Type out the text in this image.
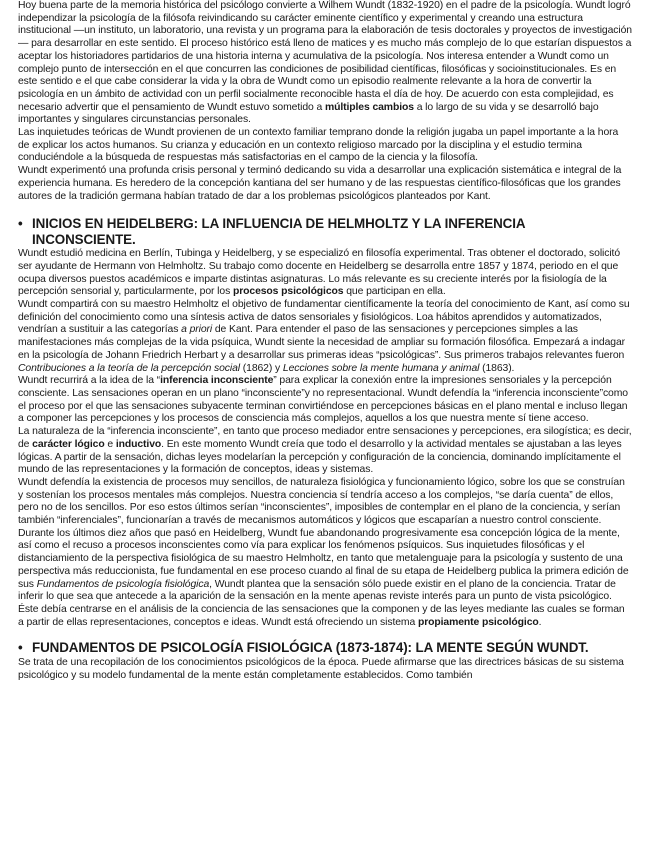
Hoy buena parte de la memoria histórica del psicólogo convierte a Wilhem Wundt (1832-1920) en el padre de la psicología. Wundt logró independizar la psicología de la filósofa reivindicando su carácter eminente científico y experimental y creando una estructura institucional —un instituto, un laboratorio, una revista y un programa para la elaboración de tesis doctorales y proyectos de investigación— para desarrollar en este sentido. El proceso histórico está lleno de matices y es mucho más complejo de lo que estarían dispuestos a aceptar los historiadores partidarios de una historia interna y acumulativa de la psicología. Nos interesa entender a Wundt como un complejo punto de intersección en el que concurren las condiciones de posibilidad científicas, filosóficas y socioinstitucionales. Es en este sentido e el que cabe considerar la vida y la obra de Wundt como un episodio realmente relevante a la hora de convertir la psicología en un ámbito de actividad con un perfil socialmente reconocible hasta el día de hoy. De acuerdo con esta complejidad, es necesario advertir que el pensamiento de Wundt estuvo sometido a múltiples cambios a lo largo de su vida y se desarrolló bajo importantes y singulares circunstancias personales.

Las inquietudes teóricas de Wundt provienen de un contexto familiar temprano donde la religión jugaba un papel importante a la hora de explicar los actos humanos. Su crianza y educación en un contexto religioso marcado por la disciplina y el estudio termina conduciéndole a la búsqueda de respuestas más satisfactorias en el campo de la ciencia y la filosofía.

Wundt experimentó una profunda crisis personal y terminó dedicando su vida a desarrollar una explicación sistemática e integral de la experiencia humana. Es heredero de la concepción kantiana del ser humano y de las respuestas científico-filosóficas que los grandes autores de la tradición germana habían tratado de dar a los problemas psicológicos planteados por Kant.

• INICIOS EN HEIDELBERG: LA INFLUENCIA DE HELMHOLTZ Y LA INFERENCIA INCONSCIENTE.

Wundt estudió medicina en Berlín, Tubinga y Heidelberg, y se especializó en filosofía experimental. Tras obtener el doctorado, solicitó ser ayudante de Hermann von Helmholtz. Su trabajo como docente en Heidelberg se desarrolla entre 1857 y 1874, periodo en el que ocupa diversos puestos académicos e imparte distintas asignaturas. Lo más relevante es su creciente interés por la fisiología de la percepción sensorial y, particularmente, por los procesos psicológicos que participan en ella.

Wundt compartirá con su maestro Helmholtz el objetivo de fundamentar científicamente la teoría del conocimiento de Kant, así como su definición del conocimiento como una síntesis activa de datos sensoriales y fisiológicos. Loa hábitos aprendidos y automatizados, vendrían a sustituir a las categorías a priori de Kant. Para entender el paso de las sensaciones y percepciones simples a las manifestaciones más complejas de la vida psíquica, Wundt siente la necesidad de ampliar su formación filosófica. Empezará a indagar en la psicología de Johann Friedrich Herbart y a desarrollar sus primeras ideas “psicológicas”. Sus primeros trabajos relevantes fueron Contribuciones a la teoría de la percepción social (1862) y Lecciones sobre la mente humana y animal (1863).

Wundt recurrirá a la idea de la “inferencia inconsciente” para explicar la conexión entre la impresiones sensoriales y la percepción consciente. Las sensaciones operan en un plano “inconsciente”y no representacional. Wundt defendía la “inferencia inconsciente”como el proceso por el que las sensaciones subyacente terminan convirtiéndose en percepciones básicas en el plano mental e incluso llegan a componer las percepciones y los procesos de consciencia más complejos, aquellos a los que nuestra mente sí tiene acceso.

La naturaleza de la “inferencia inconsciente”, en tanto que proceso mediador entre sensaciones y percepciones, era silogística; es decir, de carácter lógico e inductivo. En este momento Wundt creía que todo el desarrollo y la actividad mentales se ajustaban a las leyes lógicas. A partir de la sensación, dichas leyes modelarían la percepción y configuración de la conciencia, dominando implícitamente el mundo de las representaciones y la formación de conceptos, ideas y sistemas.

Wundt defendía la existencia de procesos muy sencillos, de naturaleza fisiológica y funcionamiento lógico, sobre los que se construían y sostenían los procesos mentales más complejos. Nuestra conciencia sí tendría acceso a los complejos, “se daría cuenta” de ellos, pero no de los sencillos. Por eso estos últimos serían “inconscientes”, imposibles de contemplar en el plano de la conciencia, y serían también “inferenciales”, funcionarían a través de mecanismos automáticos y lógicos que escaparían a nuestro control consciente.

Durante los últimos diez años que pasó en Heidelberg, Wundt fue abandonando progresivamente esa concepción lógica de la mente, así como el recuso a procesos inconscientes como vía para explicar los fenómenos psíquicos. Sus inquietudes filosóficas y el distanciamiento de la perspectiva fisiológica de su maestro Helmholtz, en tanto que metalenguaje para la psicología y sustento de una perspectiva más reduccionista, fue fundamental en ese proceso cuando al final de su etapa de Heidelberg publica la primera edición de sus Fundamentos de psicología fisiológica, Wundt plantea que la sensación sólo puede existir en el plano de la conciencia. Tratar de inferir lo que sea que antecede a la aparición de la sensación en la mente apenas reviste interés para un punto de vista psicológico. Éste debía centrarse en el análisis de la conciencia de las sensaciones que la componen y de las leyes mediante las cuales se forman a partir de ellas representaciones, conceptos e ideas. Wundt está ofreciendo un sistema propiamente psicológico.

• FUNDAMENTOS DE PSICOLOGÍA FISIOLÓGICA (1873-1874): LA MENTE SEGÚN WUNDT.

Se trata de una recopilación de los conocimientos psicológicos de la época. Puede afirmarse que las directrices básicas de su sistema psicológico y su modelo fundamental de la mente están completamente establecidos. Como también
